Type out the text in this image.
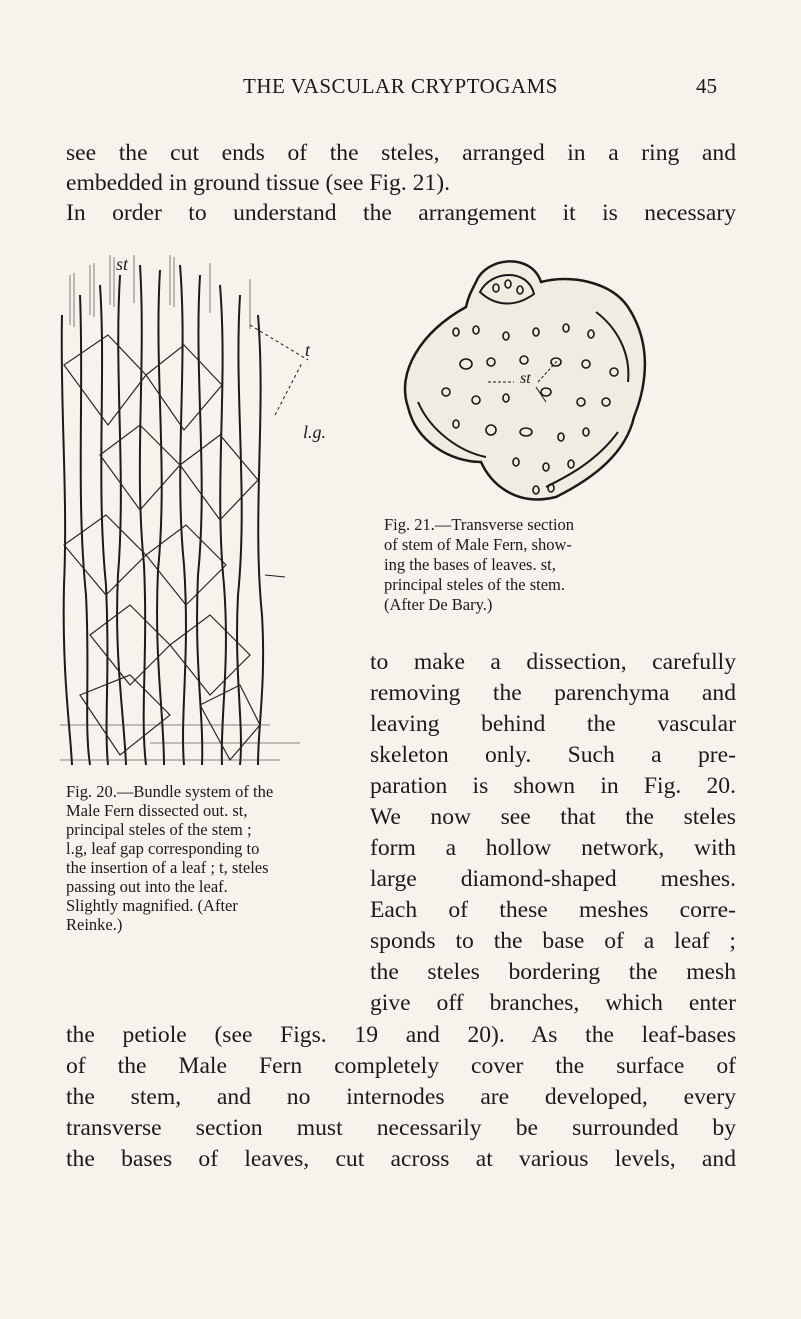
THE VASCULAR CRYPTOGAMS	45
see the cut ends of the steles, arranged in a ring and
embedded in ground tissue (see Fig. 21).
In order to understand the arrangement it is necessary
st
t
l.g.
Fig. 20.—Bundle system of the
Male Fern dissected out. st,
principal steles of the stem ;
l.g, leaf gap corresponding to
the insertion of a leaf ; t, steles
passing out into the leaf.
Slightly magnified. (After
Reinke.)
st
Fig. 21.—Transverse section
of stem of Male Fern, show-
ing the bases of leaves. st,
principal steles of the stem.
(After De Bary.)
to make a dissection, carefully
removing the parenchyma and
leaving behind the vascular
skeleton only. Such a pre-
paration is shown in Fig. 20.
We now see that the steles
form a hollow network, with
large diamond-shaped meshes.
Each of these meshes corre-
sponds to the base of a leaf ;
the steles bordering the mesh
give off branches, which enter
the petiole (see Figs. 19 and 20). As the leaf-bases
of the Male Fern completely cover the surface of
the stem, and no internodes are developed, every
transverse section must necessarily be surrounded by
the bases of leaves, cut across at various levels, and
